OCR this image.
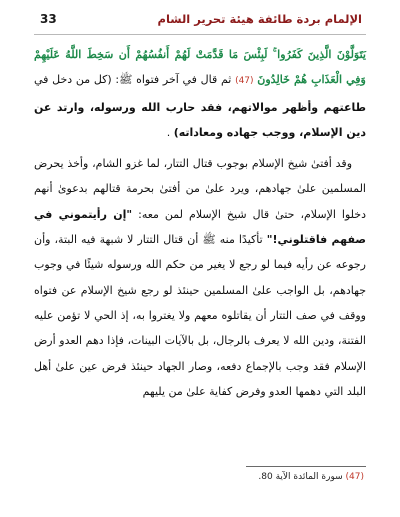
33	الإلمام بردة طائفة هيئة تحرير الشام

يَتَوَلَّوْنَ الَّذِينَ كَفَرُوا ۚ لَبِئْسَ مَا قَدَّمَتْ لَهُمْ أَنفُسُهُمْ أَن سَخِطَ اللَّهُ عَلَيْهِمْ وَفِي الْعَذَابِ هُمْ خَالِدُونَ (47) ثم قال في آخر فتواه ﷺ: (كل من دخل في طاعتهم وأظهر موالاتهم، فقد حارب الله ورسوله، وارتد عن دين الإسلام، ووجب جهاده ومعاداته) .

وقد أفتىٰ شيخ الإسلام بوجوب قتال التتار، لما غزو الشام، وأخذ يحرض المسلمين علىٰ جهادهم، ويرد علىٰ من أفتىٰ بحرمة قتالهم بدعوىٰ أنهم دخلوا الإسلام، حتىٰ قال شيخ الإسلام لمن معه: "إن رأيتموني في صفهم فاقتلوني!" تأكيدًا منه ﷺ أن قتال التتار لا شبهة فيه البتة، وأن رجوعه عن رأيه فيما لو رجع لا يغير من حكم الله ورسوله شيئًا في وجوب جهادهم، بل الواجب علىٰ المسلمين حينئذ لو رجع شيخ الإسلام عن فتواه ووقف في صف التتار أن يقاتلوه معهم ولا يغتروا به، إذ الحي لا تؤمن عليه الفتنة، ودين الله لا يعرف بالرجال، بل بالآيات البينات، فإذا دهم العدو أرض الإسلام فقد وجب بالإجماع دفعه، وصار الجهاد حينئذ فرض عين علىٰ أهل البلد التي دهمها العدو وفرض كفاية علىٰ من يليهم

(47) سورة المائدة الآية 80.
